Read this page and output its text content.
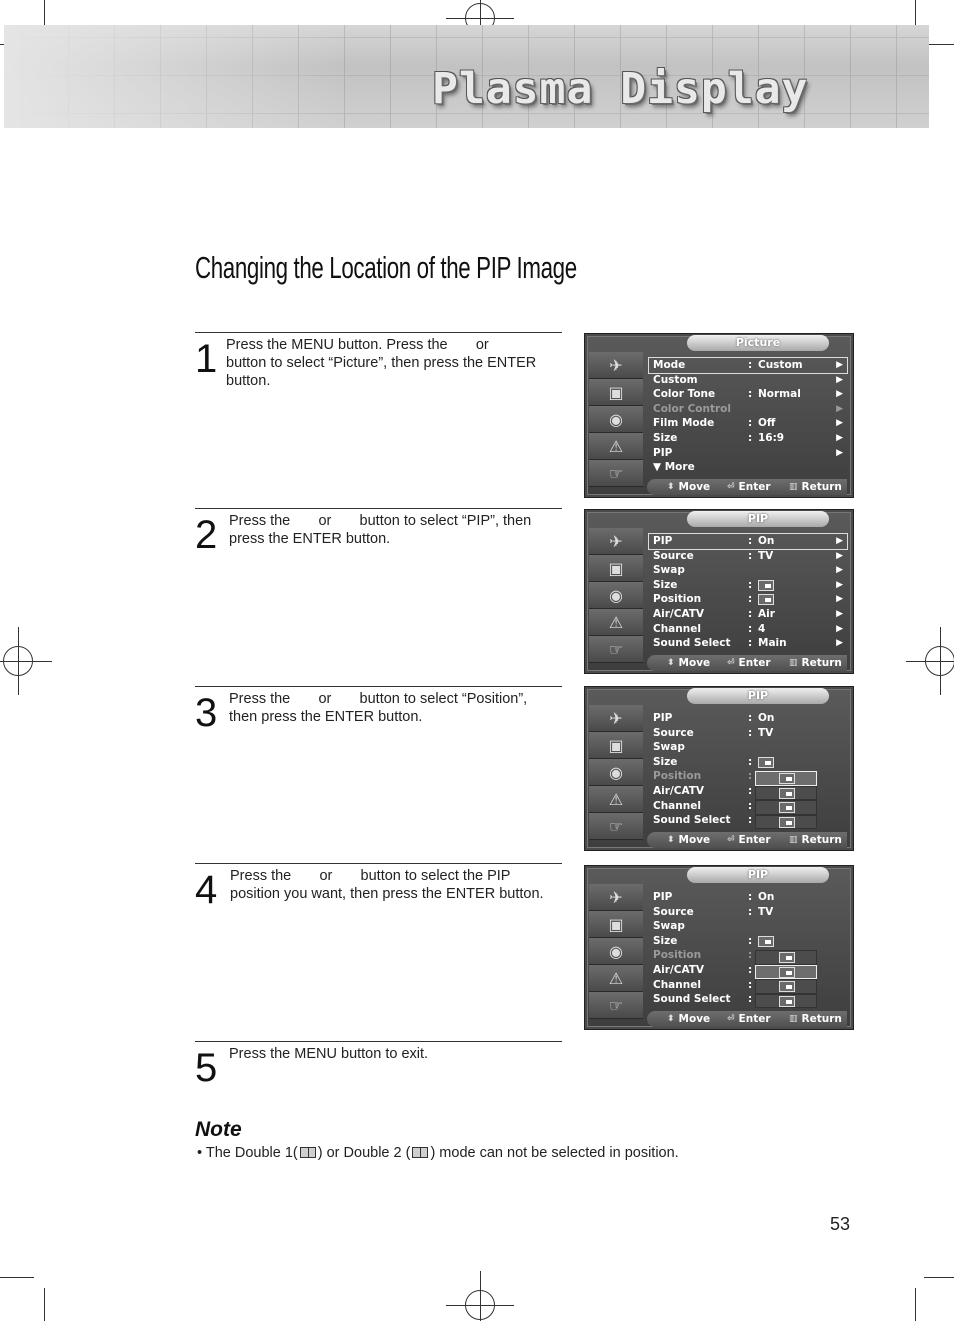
Plasma Display
Changing the Location of the PIP Image
1 Press the MENU button. Press the       or       button to select “Picture”, then press the ENTER button.
2 Press the       or       button to select “PIP”, then press the ENTER button.
3 Press the       or       button to select “Position”, then press the ENTER button.
4 Press the       or       button to select the PIP position you want, then press the ENTER button.
5 Press the MENU button to exit.
Picture
✈
▣
◉
⚠
☞
Mode	: Custom	▶
Custom	▶
Color Tone	: Normal	▶
Color Control	▶
Film Mode	: Off	▶
Size	: 16:9	▶
PIP	▶
▼ More
⬍ Move ⏎ Enter ▥ Return
PIP
✈
▣
◉
⚠
☞
PIP	: On	▶
Source	: TV	▶
Swap	▶
Size	:	▶
Position	:	▶
Air/CATV	: Air	▶
Channel	: 4	▶
Sound Select : Main	▶
⬍ Move ⏎ Enter ▥ Return
PIP
✈
▣
◉
⚠
☞
PIP	: On
Source	: TV
Swap
Size	:
Position	:
Air/CATV	:
Channel	:
Sound Select :
⬍ Move ⏎ Enter ▥ Return
PIP
✈
▣
◉
⚠
☞
PIP	: On
Source	: TV
Swap
Size	:
Position	:
Air/CATV	:
Channel	:
Sound Select :
⬍ Move ⏎ Enter ▥ Return
Note
• The Double 1( ) or Double 2 ( ) mode can not be selected in position.
53
